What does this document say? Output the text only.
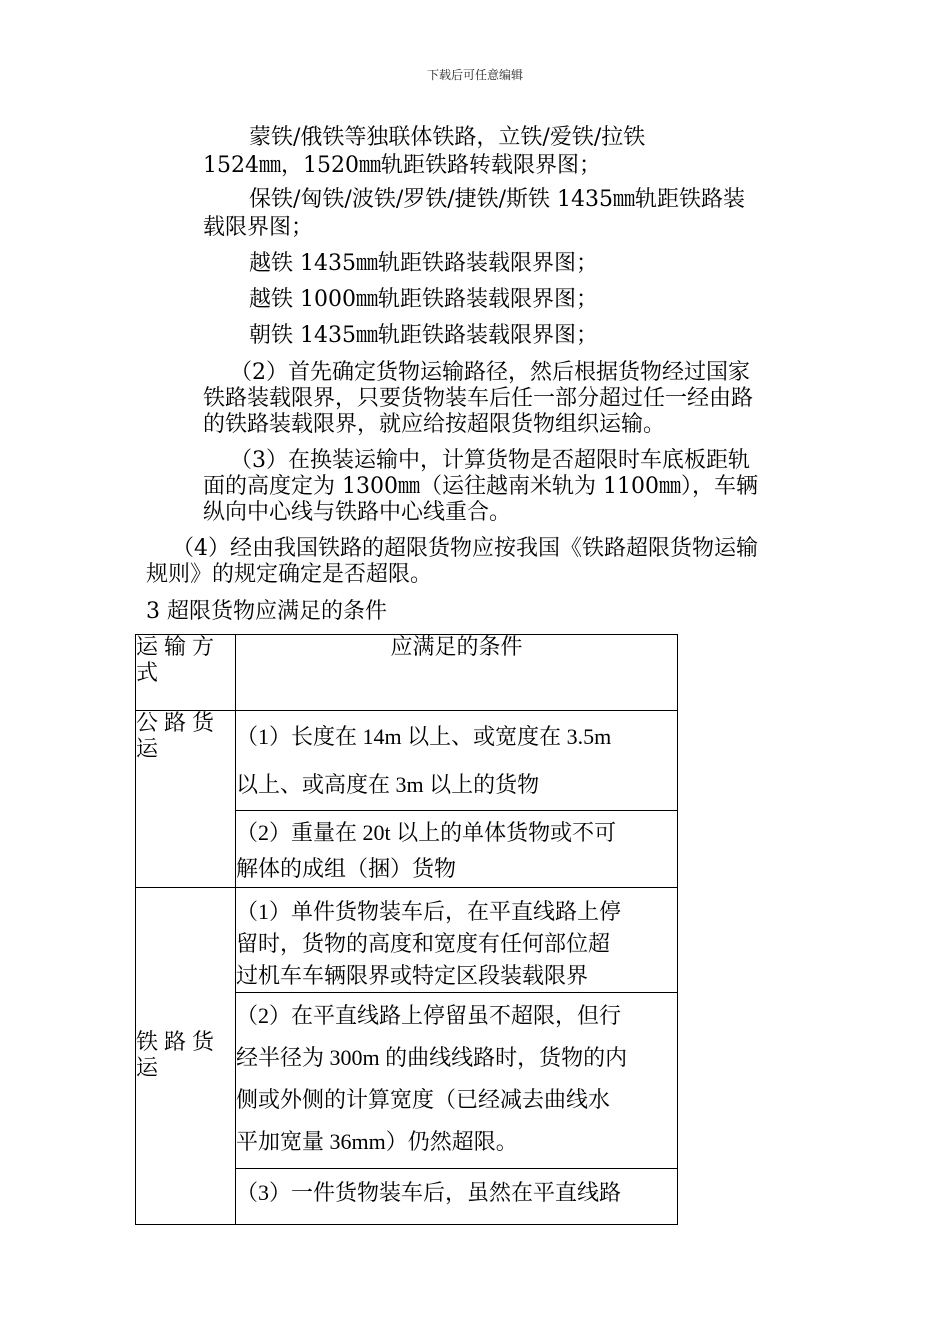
下载后可任意编辑
蒙铁/俄铁等独联体铁路，立铁/爱铁/拉铁
1524㎜，1520㎜轨距铁路转载限界图；
保铁/匈铁/波铁/罗铁/捷铁/斯铁 1435㎜轨距铁路装
载限界图；
越铁 1435㎜轨距铁路装载限界图；
越铁 1000㎜轨距铁路装载限界图；
朝铁 1435㎜轨距铁路装载限界图；
（2）首先确定货物运输路径，然后根据货物经过国家
铁路装载限界，只要货物装车后任一部分超过任一经由路
的铁路装载限界，就应给按超限货物组织运输。
（3）在换装运输中，计算货物是否超限时车底板距轨
面的高度定为 1300㎜（运往越南米轨为 1100㎜），车辆
纵向中心线与铁路中心线重合。
（4）经由我国铁路的超限货物应按我国《铁路超限货物运输
规则》的规定确定是否超限。
3 超限货物应满足的条件
运输方式	应满足的条件
公路货运	（1）长度在 14m 以上、或宽度在 3.5m
以上、或高度在 3m 以上的货物

	（2）重量在 20t 以上的单体货物或不可
解体的成组（捆）货物

铁路货运	（1）单件货物装车后，在平直线路上停
留时，货物的高度和宽度有任何部位超
过机车车辆限界或特定区段装载限界

	（2）在平直线路上停留虽不超限，但行
经半径为 300m 的曲线线路时，货物的内
侧或外侧的计算宽度（已经减去曲线水
平加宽量 36mm）仍然超限。

	（3）一件货物装车后，虽然在平直线路
